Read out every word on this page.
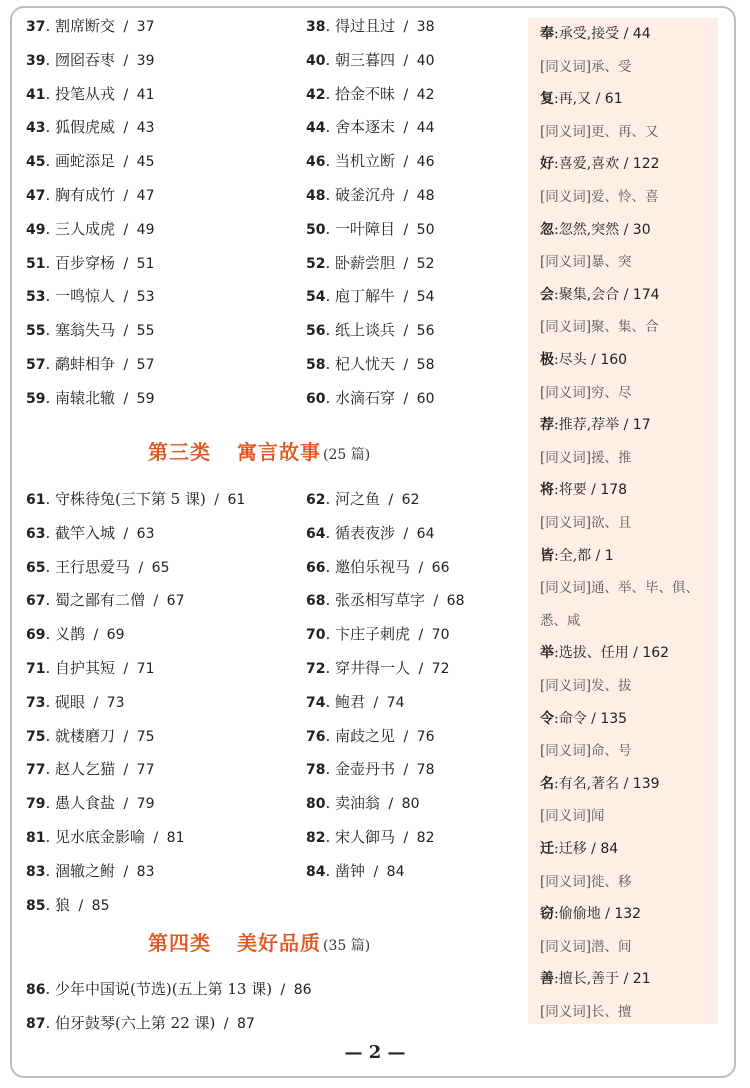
37. 割席断交 / 37
39. 囫囵吞枣 / 39
41. 投笔从戎 / 41
43. 狐假虎威 / 43
45. 画蛇添足 / 45
47. 胸有成竹 / 47
49. 三人成虎 / 49
51. 百步穿杨 / 51
53. 一鸣惊人 / 53
55. 塞翁失马 / 55
57. 鹬蚌相争 / 57
59. 南辕北辙 / 59
38. 得过且过 / 38
40. 朝三暮四 / 40
42. 拾金不昧 / 42
44. 舍本逐末 / 44
46. 当机立断 / 46
48. 破釜沉舟 / 48
50. 一叶障目 / 50
52. 卧薪尝胆 / 52
54. 庖丁解牛 / 54
56. 纸上谈兵 / 56
58. 杞人忧天 / 58
60. 水滴石穿 / 60
61. 守株待兔(三下第 5 课) / 61
63. 截竿入城 / 63
65. 王行思爱马 / 65
67. 蜀之鄙有二僧 / 67
69. 义鹊 / 69
71. 自护其短 / 71
73. 砚眼 / 73
75. 就楼磨刀 / 75
77. 赵人乞猫 / 77
79. 愚人食盐 / 79
81. 见水底金影喻 / 81
83. 涸辙之鲋 / 83
85. 狼 / 85
62. 河之鱼 / 62
64. 循表夜涉 / 64
66. 邀伯乐视马 / 66
68. 张丞相写草字 / 68
70. 卞庄子刺虎 / 70
72. 穿井得一人 / 72
74. 鲍君 / 74
76. 南歧之见 / 76
78. 金壶丹书 / 78
80. 卖油翁 / 80
82. 宋人御马 / 82
84. 凿钟 / 84
86. 少年中国说(节选)(五上第 13 课) / 86
87. 伯牙鼓琴(六上第 22 课) / 87
奉:承受,接受 / 44
[同义词]承、受
复:再,又 / 61
[同义词]更、再、又
好:喜爱,喜欢 / 122
[同义词]爱、怜、喜
忽:忽然,突然 / 30
[同义词]暴、突
会:聚集,会合 / 174
[同义词]聚、集、合
极:尽头 / 160
[同义词]穷、尽
荐:推荐,荐举 / 17
[同义词]援、推
将:将要 / 178
[同义词]欲、且
皆:全,都 / 1
[同义词]通、举、毕、俱、
悉、咸
举:选拔、任用 / 162
[同义词]发、拔
令:命令 / 135
[同义词]命、号
名:有名,著名 / 139
[同义词]闻
迁:迁移 / 84
[同义词]徙、移
窃:偷偷地 / 132
[同义词]潜、间
善:擅长,善于 / 21
[同义词]长、擅
第三类 寓言故事 (25 篇)
第四类 美好品质 (35 篇)
— 2 —
